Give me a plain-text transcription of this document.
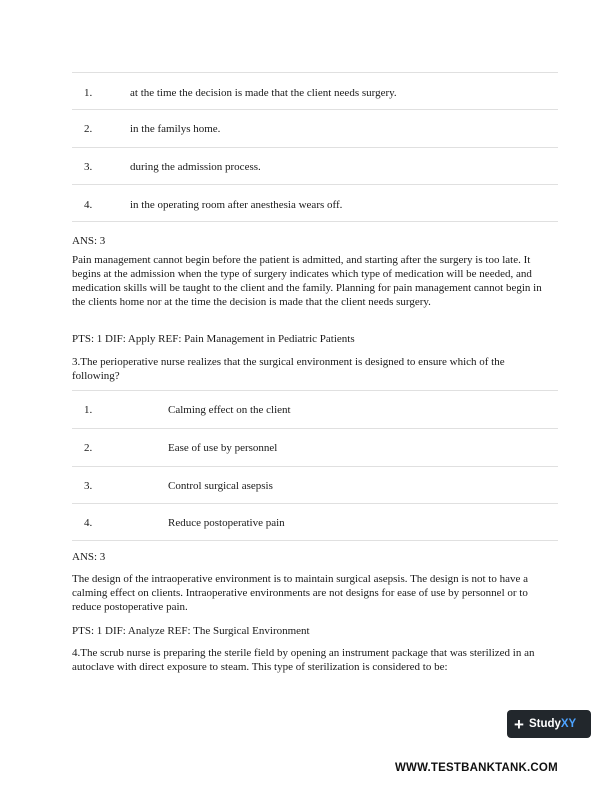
1.	at the time the decision is made that the client needs surgery.
2.	in the familys home.
3.	during the admission process.
4.	in the operating room after anesthesia wears off.
ANS: 3
Pain management cannot begin before the patient is admitted, and starting after the surgery is too late. It begins at the admission when the type of surgery indicates which type of medication will be needed, and medication skills will be taught to the client and the family. Planning for pain management cannot begin in the clients home nor at the time the decision is made that the client needs surgery.
PTS: 1 DIF: Apply REF: Pain Management in Pediatric Patients
3.The perioperative nurse realizes that the surgical environment is designed to ensure which of the following?
1.	Calming effect on the client
2.	Ease of use by personnel
3.	Control surgical asepsis
4.	Reduce postoperative pain
ANS: 3
The design of the intraoperative environment is to maintain surgical asepsis. The design is not to have a calming effect on clients. Intraoperative environments are not designs for ease of use by personnel or to reduce postoperative pain.
PTS: 1 DIF: Analyze REF: The Surgical Environment
4.The scrub nurse is preparing the sterile field by opening an instrument package that was sterilized in an autoclave with direct exposure to steam. This type of sterilization is considered to be:
+ Study XY
WWW.TESTBANKTANK.COM
